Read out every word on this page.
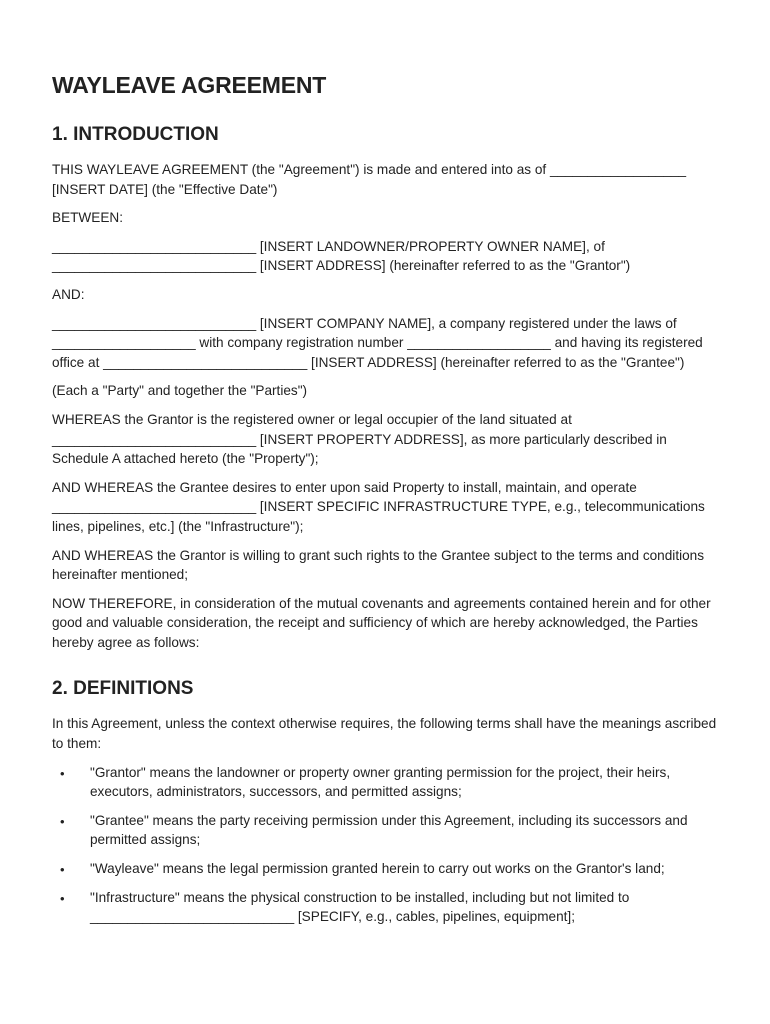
WAYLEAVE AGREEMENT
1. INTRODUCTION

THIS WAYLEAVE AGREEMENT (the "Agreement") is made and entered into as of __________________ [INSERT DATE] (the "Effective Date")

BETWEEN:

___________________________ [INSERT LANDOWNER/PROPERTY OWNER NAME], of ___________________________ [INSERT ADDRESS] (hereinafter referred to as the "Grantor")

AND:

___________________________ [INSERT COMPANY NAME], a company registered under the laws of ___________________ with company registration number ___________________ and having its registered office at ___________________________ [INSERT ADDRESS] (hereinafter referred to as the "Grantee")

(Each a "Party" and together the "Parties")

WHEREAS the Grantor is the registered owner or legal occupier of the land situated at ___________________________ [INSERT PROPERTY ADDRESS], as more particularly described in Schedule A attached hereto (the "Property");

AND WHEREAS the Grantee desires to enter upon said Property to install, maintain, and operate ___________________________ [INSERT SPECIFIC INFRASTRUCTURE TYPE, e.g., telecommunications lines, pipelines, etc.] (the "Infrastructure");

AND WHEREAS the Grantor is willing to grant such rights to the Grantee subject to the terms and conditions hereinafter mentioned;

NOW THEREFORE, in consideration of the mutual covenants and agreements contained herein and for other good and valuable consideration, the receipt and sufficiency of which are hereby acknowledged, the Parties hereby agree as follows:

2. DEFINITIONS

In this Agreement, unless the context otherwise requires, the following terms shall have the meanings ascribed to them:

• "Grantor" means the landowner or property owner granting permission for the project, their heirs, executors, administrators, successors, and permitted assigns;
• "Grantee" means the party receiving permission under this Agreement, including its successors and permitted assigns;
• "Wayleave" means the legal permission granted herein to carry out works on the Grantor's land;
• "Infrastructure" means the physical construction to be installed, including but not limited to ___________________________ [SPECIFY, e.g., cables, pipelines, equipment];
